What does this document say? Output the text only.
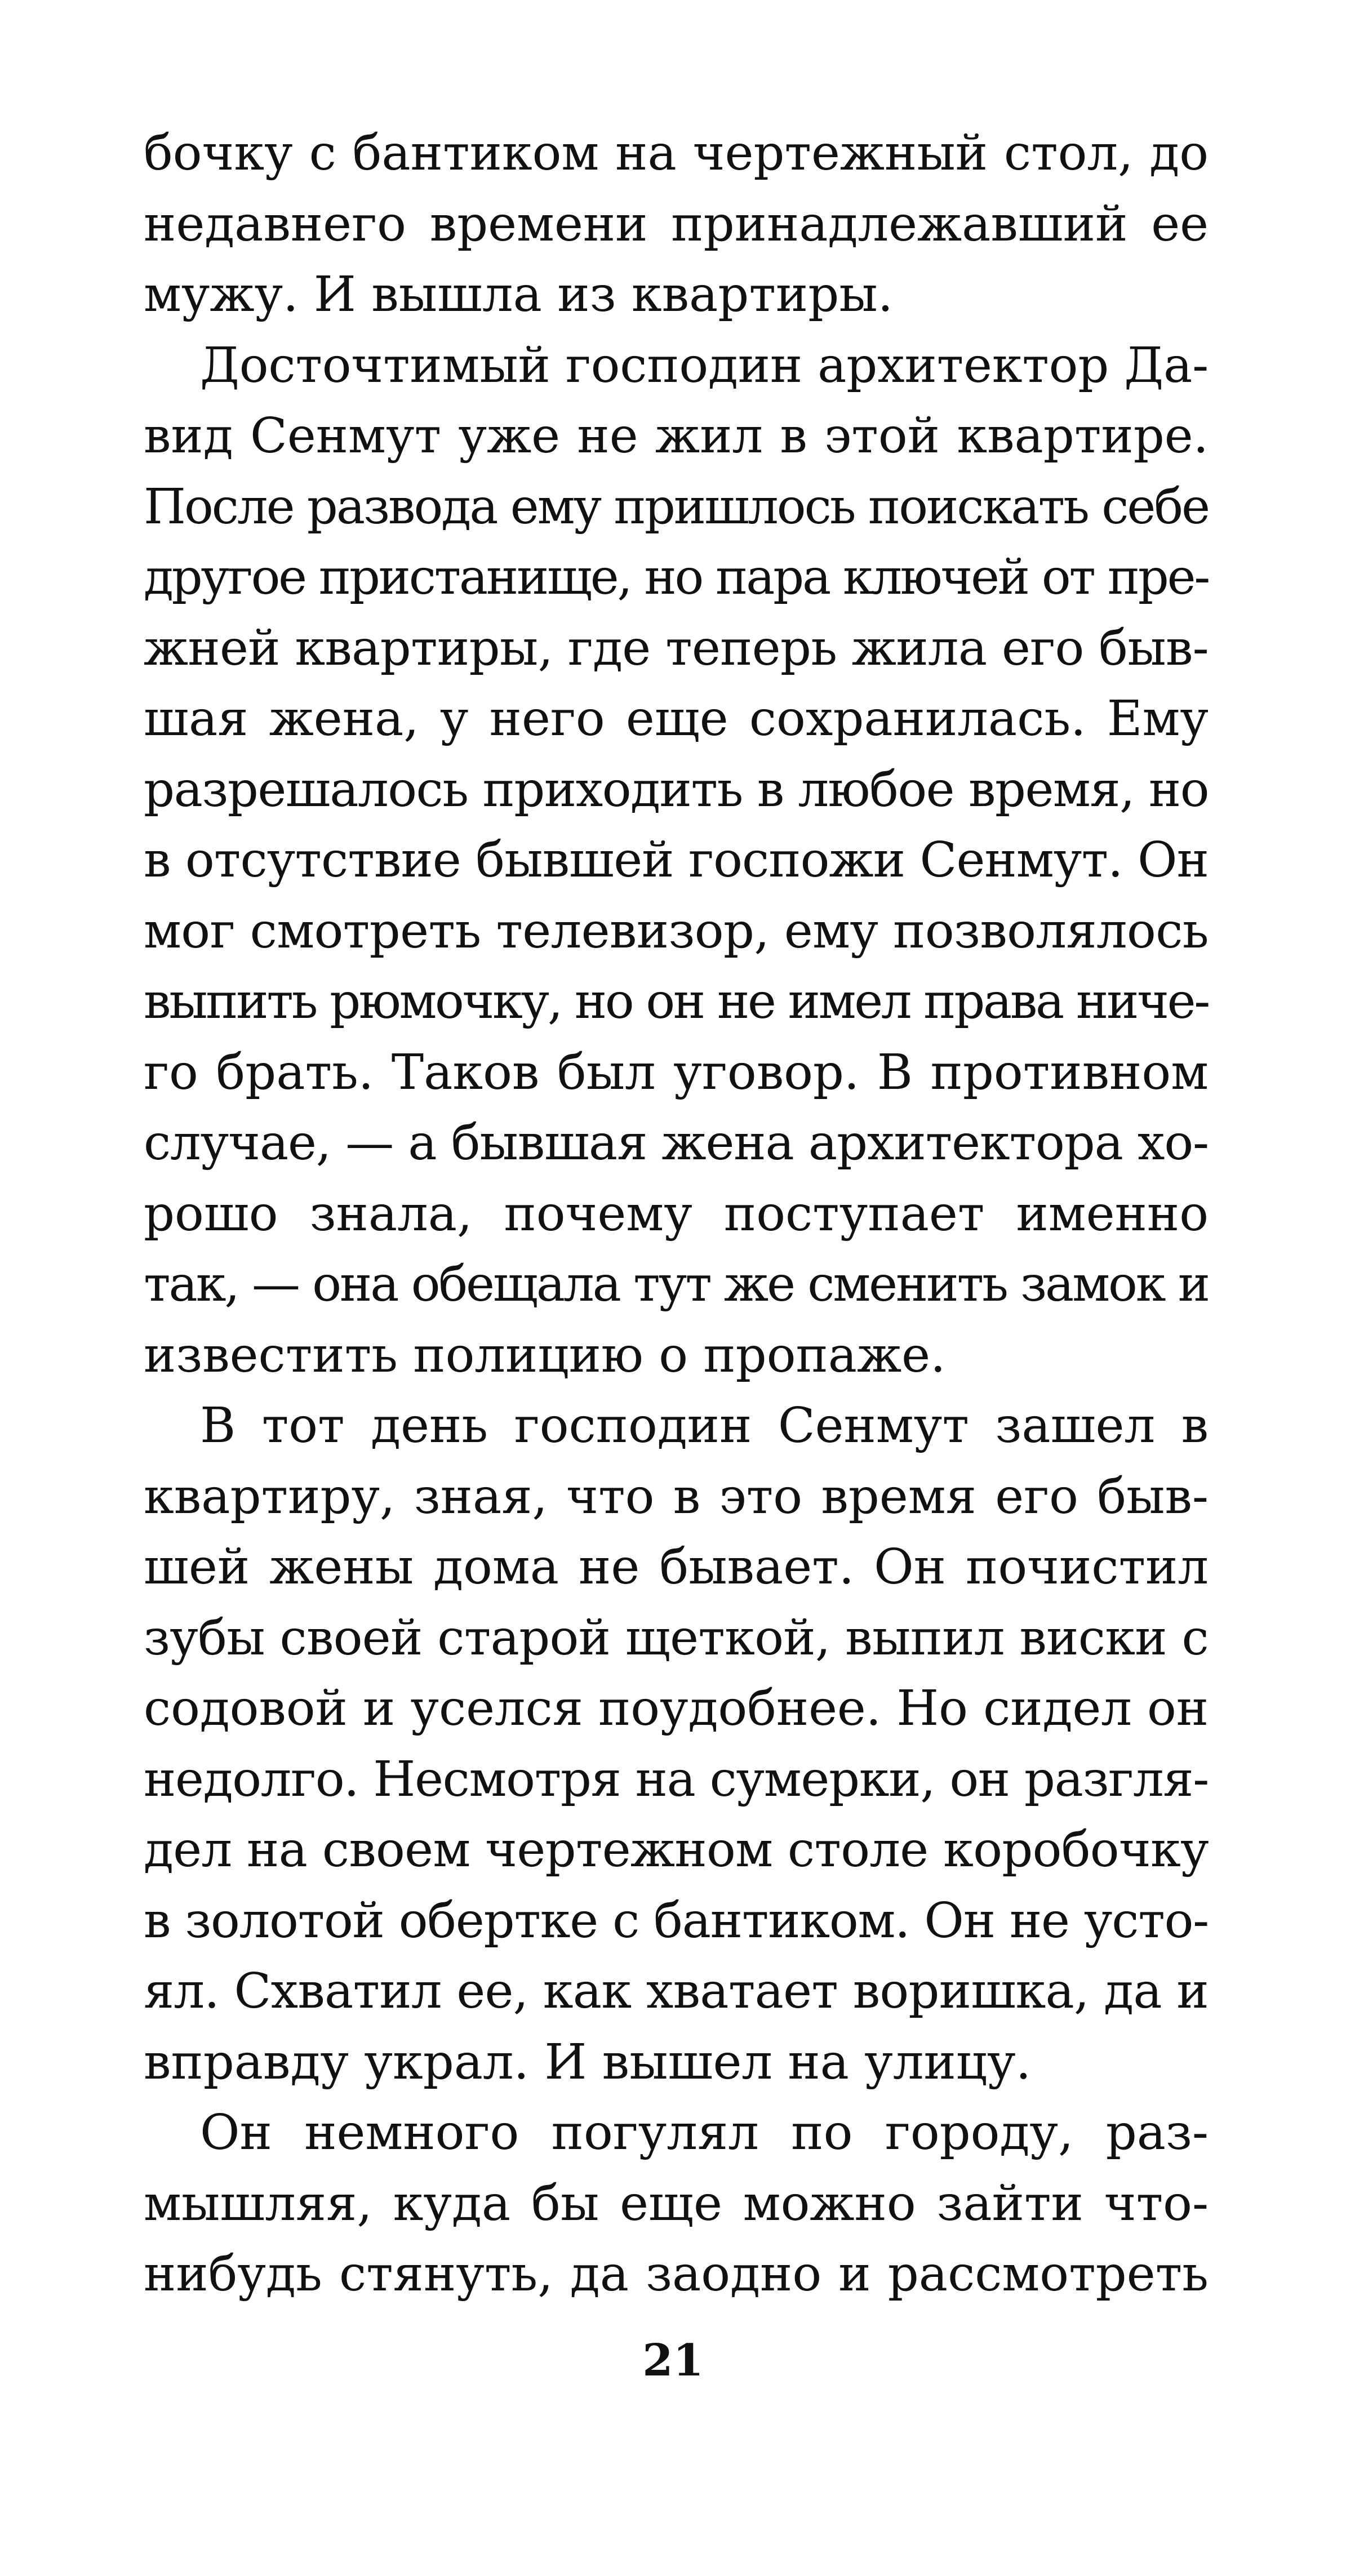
бочку с бантиком на чертежный стол, до
недавнего времени принадлежавший ее
мужу. И вышла из квартиры.
Досточтимый господин архитектор Да-
вид Сенмут уже не жил в этой квартире.
После развода ему пришлось поискать себе
другое пристанище, но пара ключей от пре-
жней квартиры, где теперь жила его быв-
шая жена, у него еще сохранилась. Ему
разрешалось приходить в любое время, но
в отсутствие бывшей госпожи Сенмут. Он
мог смотреть телевизор, ему позволялось
выпить рюмочку, но он не имел права ниче-
го брать. Таков был уговор. В противном
случае, — а бывшая жена архитектора хо-
рошо знала, почему поступает именно
так, — она обещала тут же сменить замок и
известить полицию о пропаже.
В тот день господин Сенмут зашел в
квартиру, зная, что в это время его быв-
шей жены дома не бывает. Он почистил
зубы своей старой щеткой, выпил виски с
содовой и уселся поудобнее. Но сидел он
недолго. Несмотря на сумерки, он разгля-
дел на своем чертежном столе коробочку
в золотой обертке с бантиком. Он не усто-
ял. Схватил ее, как хватает воришка, да и
вправду украл. И вышел на улицу.
Он немного погулял по городу, раз-
мышляя, куда бы еще можно зайти что-
нибудь стянуть, да заодно и рассмотреть
21
